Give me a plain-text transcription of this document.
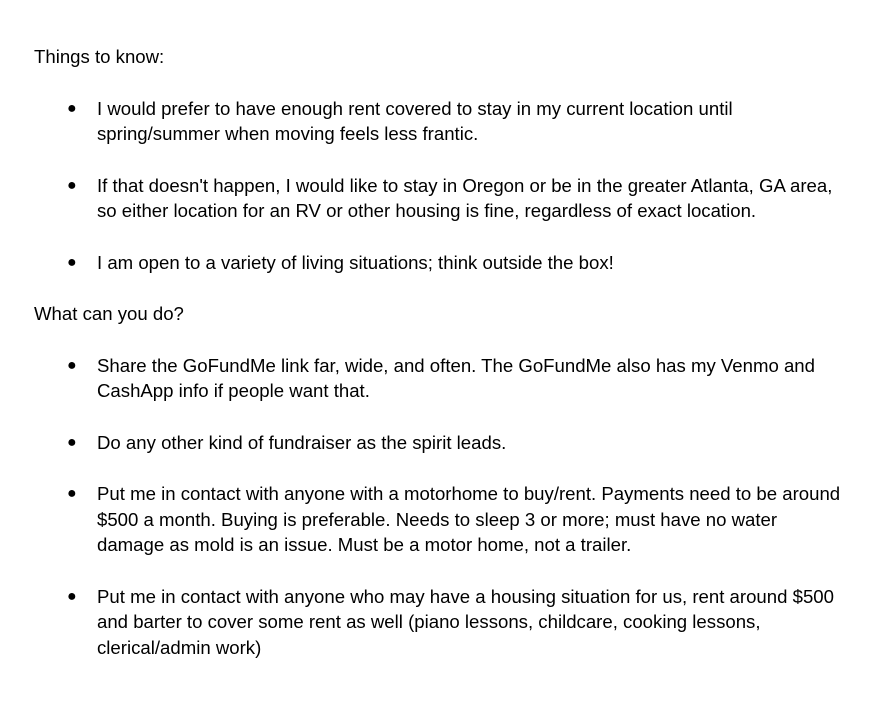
Things to know:

● I would prefer to have enough rent covered to stay in my current location until spring/summer when moving feels less frantic.
● If that doesn't happen, I would like to stay in Oregon or be in the greater Atlanta, GA area, so either location for an RV or other housing is fine, regardless of exact location.
● I am open to a variety of living situations; think outside the box!

What can you do?

● Share the GoFundMe link far, wide, and often. The GoFundMe also has my Venmo and CashApp info if people want that.
● Do any other kind of fundraiser as the spirit leads.
● Put me in contact with anyone with a motorhome to buy/rent. Payments need to be around $500 a month. Buying is preferable. Needs to sleep 3 or more; must have no water damage as mold is an issue. Must be a motor home, not a trailer.
● Put me in contact with anyone who may have a housing situation for us, rent around $500 and barter to cover some rent as well (piano lessons, childcare, cooking lessons, clerical/admin work)
